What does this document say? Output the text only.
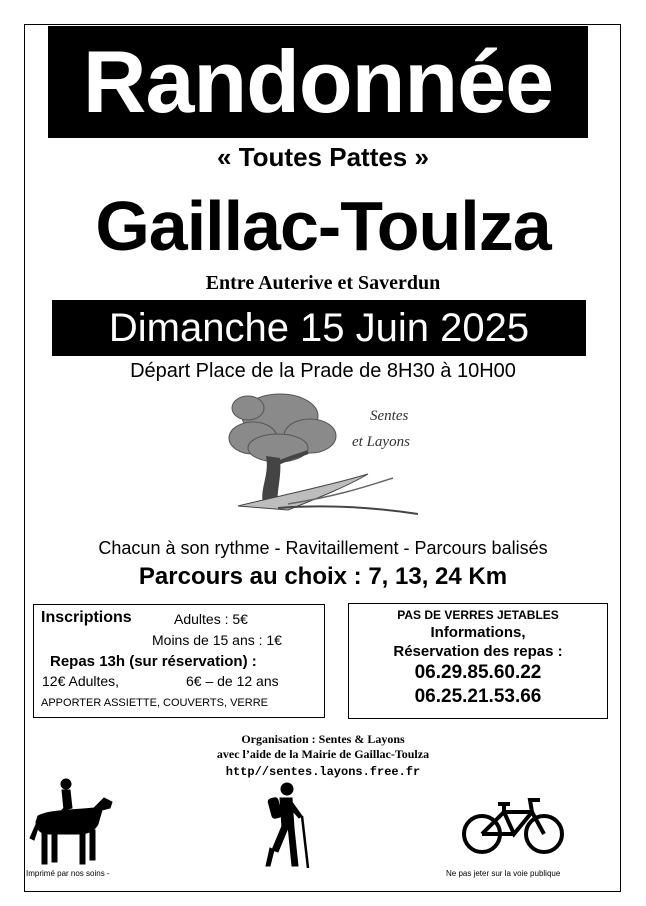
Randonnée
« Toutes Pattes »
Gaillac-Toulza
Entre Auterive et Saverdun
Dimanche 15 Juin 2025
Départ Place de la Prade de 8H30 à 10H00
Sentes
et Layons
Chacun à son rythme - Ravitaillement - Parcours balisés
Parcours au choix : 7, 13, 24 Km
Inscriptions	Adultes : 5€
Moins de 15 ans : 1€
Repas 13h (sur réservation) :
12€ Adultes,	6€ – de 12 ans
APPORTER ASSIETTE, COUVERTS, VERRE
PAS DE VERRES JETABLES
Informations,
Réservation des repas :
06.29.85.60.22
06.25.21.53.66
Organisation : Sentes & Layons
avec l’aide de la Mairie de Gaillac-Toulza
http//sentes.layons.free.fr
Imprimé par nos soins -	Ne pas jeter sur la voie publique
